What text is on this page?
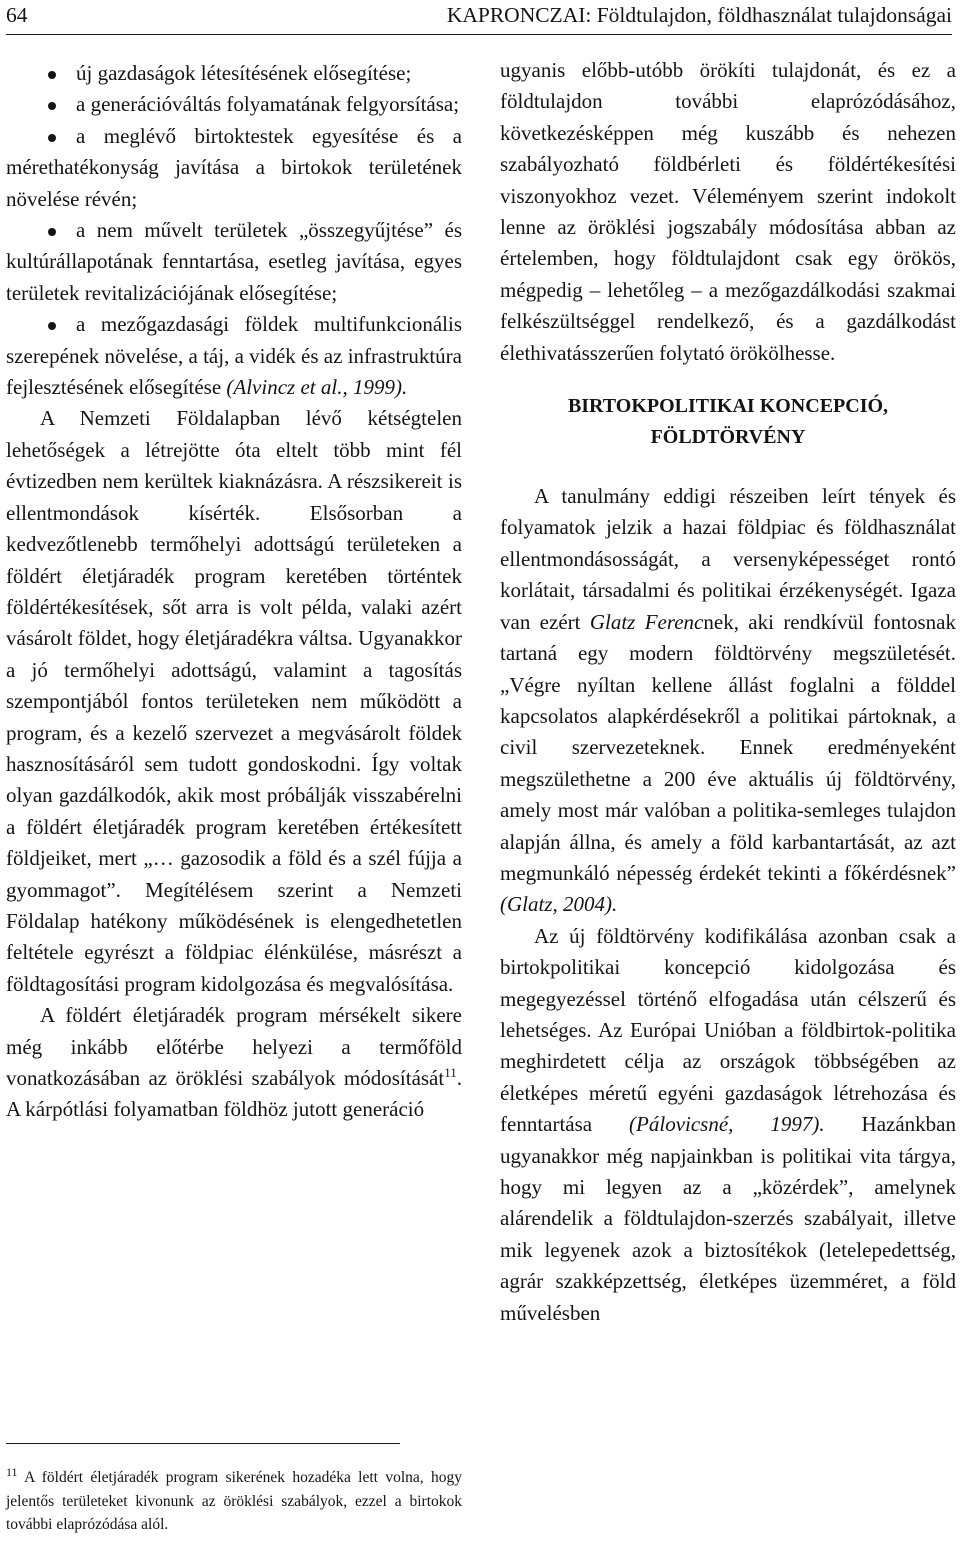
64	KAPRONCZAI: Földtulajdon, földhasználat tulajdonságai
új gazdaságok létesítésének elősegítése;
a generációváltás folyamatának felgyorsítása;
a meglévő birtoktestek egyesítése és a mérethatékonyság javítása a birtokok területének növelése révén;
a nem művelt területek „összegyűjtése” és kultúrállapotának fenntartása, esetleg javítása, egyes területek revitalizációjának elősegítése;
a mezőgazdasági földek multifunkcionális szerepének növelése, a táj, a vidék és az infrastruktúra fejlesztésének elősegítése (Alvincz et al., 1999).

A Nemzeti Földalapban lévő kétségtelen lehetőségek a létrejötte óta eltelt több mint fél évtizedben nem kerültek kiaknázásra. A részsikereit is ellentmondások kísérték. Elsősorban a kedvezőtlenebb termőhelyi adottságú területeken a földért életjáradék program keretében történtek földértékesítések, sőt arra is volt példa, valaki azért vásárolt földet, hogy életjáradékra váltsa. Ugyanakkor a jó termőhelyi adottságú, valamint a tagosítás szempontjából fontos területeken nem működött a program, és a kezelő szervezet a megvásárolt földek hasznosításáról sem tudott gondoskodni. Így voltak olyan gazdálkodók, akik most próbálják visszabérelni a földért életjáradék program keretében értékesített földjeiket, mert „… gazosodik a föld és a szél fújja a gyommagot”. Megítélésem szerint a Nemzeti Földalap hatékony működésének is elengedhetetlen feltétele egyrészt a földpiac élénkülése, másrészt a földtagosítási program kidolgozása és megvalósítása.

A földért életjáradék program mérsékelt sikere még inkább előtérbe helyezi a termőföld vonatkozásában az öröklési szabályok módosítását$^{11}$. A kárpótlási folyamatban földhöz jutott generáció

$^{11}$ A földért életjáradék program sikerének hozadéka lett volna, hogy jelentős területeket kivonunk az öröklési szabályok, ezzel a birtokok további elaprózódása alól.

ugyanis előbb-utóbb örökíti tulajdonát, és ez a földtulajdon további elaprózódásához, következésképpen még kuszább és nehezen szabályozható földbérleti és földértékesítési viszonyokhoz vezet. Véleményem szerint indokolt lenne az öröklési jogszabály módosítása abban az értelemben, hogy földtulajdont csak egy örökös, mégpedig – lehetőleg – a mezőgazdálkodási szakmai felkészültséggel rendelkező, és a gazdálkodást élethivatásszerűen folytató örökölhesse.

BIRTOKPOLITIKAI KONCEPCIÓ,
FÖLDTÖRVÉNY

A tanulmány eddigi részeiben leírt tények és folyamatok jelzik a hazai földpiac és földhasználat ellentmondásosságát, a versenyképességet rontó korlátait, társadalmi és politikai érzékenységét. Igaza van ezért Glatz Ferencnek, aki rendkívül fontosnak tartaná egy modern földtörvény megszületését. „Végre nyíltan kellene állást foglalni a földdel kapcsolatos alapkérdésekről a politikai pártoknak, a civil szervezeteknek. Ennek eredményeként megszülethetne a 200 éve aktuális új földtörvény, amely most már valóban a politika-semleges tulajdon alapján állna, és amely a föld karbantartását, az azt megmunkáló népesség érdekét tekinti a főkérdésnek” (Glatz, 2004).

Az új földtörvény kodifikálása azonban csak a birtokpolitikai koncepció kidolgozása és megegyezéssel történő elfogadása után célszerű és lehetséges. Az Európai Unióban a földbirtok-politika meghirdetett célja az országok többségében az életképes méretű egyéni gazdaságok létrehozása és fenntartása (Pálovicsné, 1997). Hazánkban ugyanakkor még napjainkban is politikai vita tárgya, hogy mi legyen az a „közérdek”, amelynek alárendelik a földtulajdon-szerzés szabályait, illetve mik legyenek azok a biztosítékok (letelepedettség, agrár szakképzettség, életképes üzemméret, a föld művelésben
